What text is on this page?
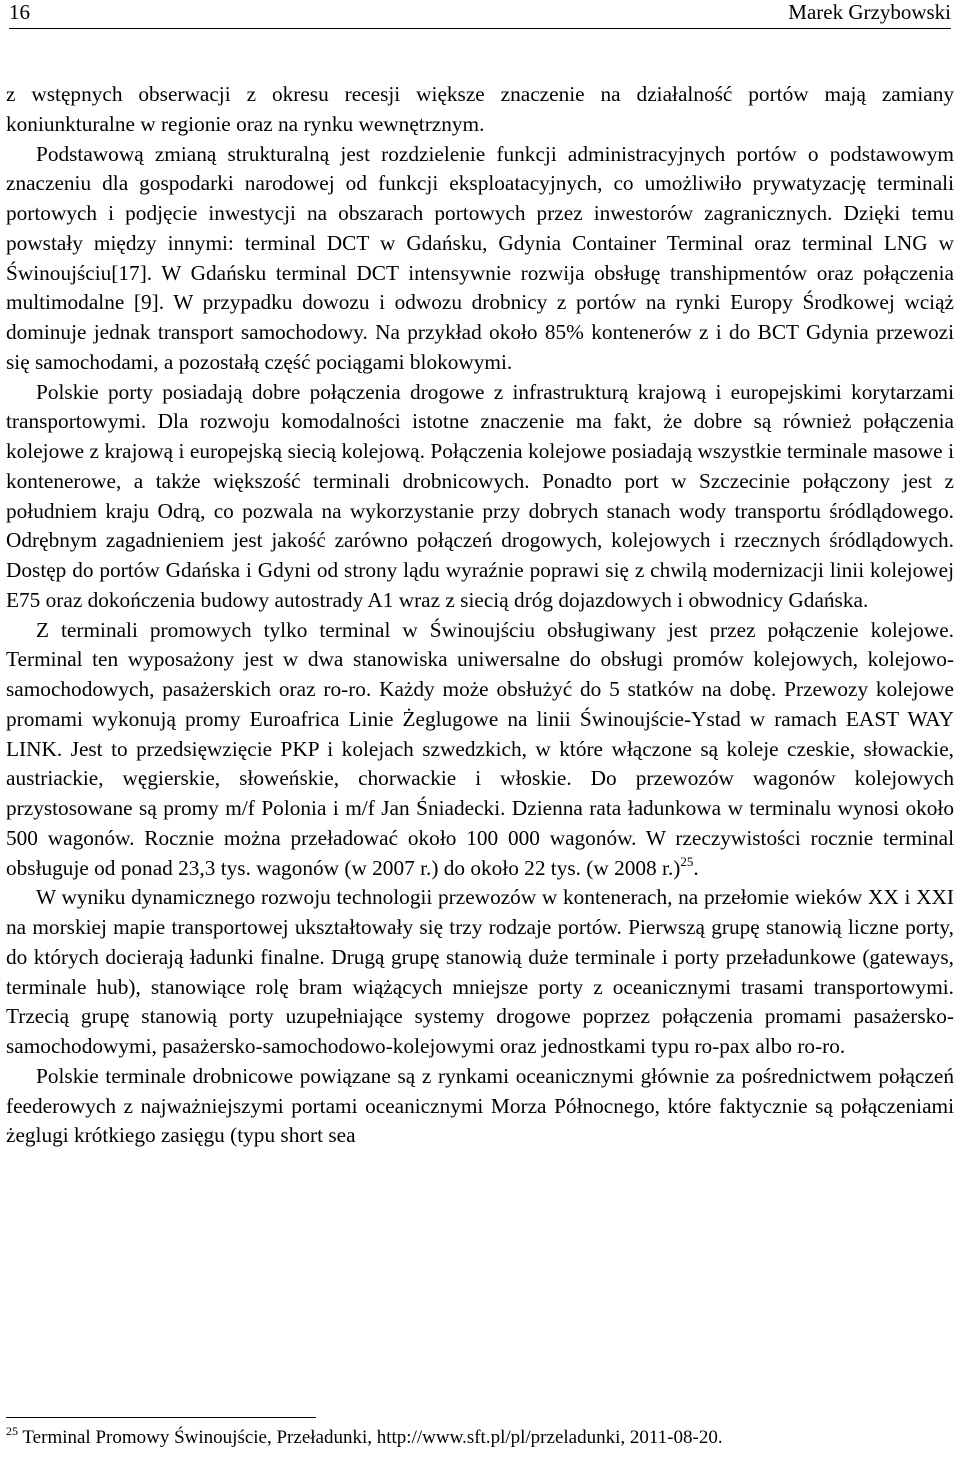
16	Marek Grzybowski

z wstępnych obserwacji z okresu recesji większe znaczenie na działalność portów mają zamiany koniunkturalne w regionie oraz na rynku wewnętrznym.

Podstawową zmianą strukturalną jest rozdzielenie funkcji administracyjnych portów o podstawowym znaczeniu dla gospodarki narodowej od funkcji eksploatacyjnych, co umożliwiło prywatyzację terminali portowych i podjęcie inwestycji na obszarach portowych przez inwestorów zagranicznych. Dzięki temu powstały między innymi: terminal DCT w Gdańsku, Gdynia Container Terminal oraz terminal LNG w Świnoujściu[17]. W Gdańsku terminal DCT intensywnie rozwija obsługę transhipmentów oraz połączenia multimodalne [9]. W przypadku dowozu i odwozu drobnicy z portów na rynki Europy Środkowej wciąż dominuje jednak transport samochodowy. Na przykład około 85% kontenerów z i do BCT Gdynia przewozi się samochodami, a pozostałą część pociągami blokowymi.

Polskie porty posiadają dobre połączenia drogowe z infrastrukturą krajową i europejskimi korytarzami transportowymi. Dla rozwoju komodalności istotne znaczenie ma fakt, że dobre są również połączenia kolejowe z krajową i europejską siecią kolejową. Połączenia kolejowe posiadają wszystkie terminale masowe i kontenerowe, a także większość terminali drobnicowych. Ponadto port w Szczecinie połączony jest z południem kraju Odrą, co pozwala na wykorzystanie przy dobrych stanach wody transportu śródlądowego. Odrębnym zagadnieniem jest jakość zarówno połączeń drogowych, kolejowych i rzecznych śródlądowych. Dostęp do portów Gdańska i Gdyni od strony lądu wyraźnie poprawi się z chwilą modernizacji linii kolejowej E75 oraz dokończenia budowy autostrady A1 wraz z siecią dróg dojazdowych i obwodnicy Gdańska.

Z terminali promowych tylko terminal w Świnoujściu obsługiwany jest przez połączenie kolejowe. Terminal ten wyposażony jest w dwa stanowiska uniwersalne do obsługi promów kolejowych, kolejowo-samochodowych, pasażerskich oraz ro-ro. Każdy może obsłużyć do 5 statków na dobę. Przewozy kolejowe promami wykonują promy Euroafrica Linie Żeglugowe na linii Świnoujście-Ystad w ramach EAST WAY LINK. Jest to przedsięwzięcie PKP i kolejach szwedzkich, w które włączone są koleje czeskie, słowackie, austriackie, węgierskie, słoweńskie, chorwackie i włoskie. Do przewozów wagonów kolejowych przystosowane są promy m/f Polonia i m/f Jan Śniadecki. Dzienna rata ładunkowa w terminalu wynosi około 500 wagonów. Rocznie można przeładować około 100 000 wagonów. W rzeczywistości rocznie terminal obsługuje od ponad 23,3 tys. wagonów (w 2007 r.) do około 22 tys. (w 2008 r.)$^{25}$.

W wyniku dynamicznego rozwoju technologii przewozów w kontenerach, na przełomie wieków XX i XXI na morskiej mapie transportowej ukształtowały się trzy rodzaje portów. Pierwszą grupę stanowią liczne porty, do których docierają ładunki finalne. Drugą grupę stanowią duże terminale i porty przeładunkowe (gateways, terminale hub), stanowiące rolę bram wiążących mniejsze porty z oceanicznymi trasami transportowymi. Trzecią grupę stanowią porty uzupełniające systemy drogowe poprzez połączenia promami pasażersko-samochodowymi, pasażersko-samochodowo-kolejowymi oraz jednostkami typu ro-pax albo ro-ro.

Polskie terminale drobnicowe powiązane są z rynkami oceanicznymi głównie za pośrednictwem połączeń feederowych z najważniejszymi portami oceanicznymi Morza Północnego, które faktycznie są połączeniami żeglugi krótkiego zasięgu (typu short sea

$^{25}$ Terminal Promowy Świnoujście, Przeładunki, http://www.sft.pl/pl/przeladunki, 2011-08-20.
